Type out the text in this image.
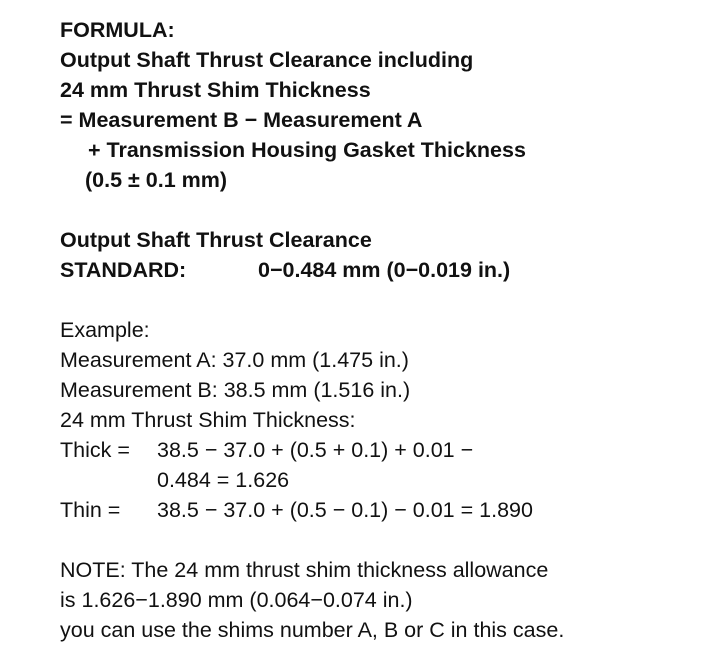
FORMULA:
Output Shaft Thrust Clearance including
24 mm Thrust Shim Thickness
= Measurement B − Measurement A
+ Transmission Housing Gasket Thickness
(0.5 ± 0.1 mm)
Output Shaft Thrust Clearance
STANDARD:	0−0.484 mm (0−0.019 in.)
Example:
Measurement A: 37.0 mm (1.475 in.)
Measurement B: 38.5 mm (1.516 in.)
24 mm Thrust Shim Thickness:
Thick =	38.5 − 37.0 + (0.5 + 0.1) + 0.01 −
0.484 = 1.626
Thin =	38.5 − 37.0 + (0.5 − 0.1) − 0.01 = 1.890
NOTE: The 24 mm thrust shim thickness allowance
is 1.626−1.890 mm (0.064−0.074 in.)
you can use the shims number A, B or C in this case.
